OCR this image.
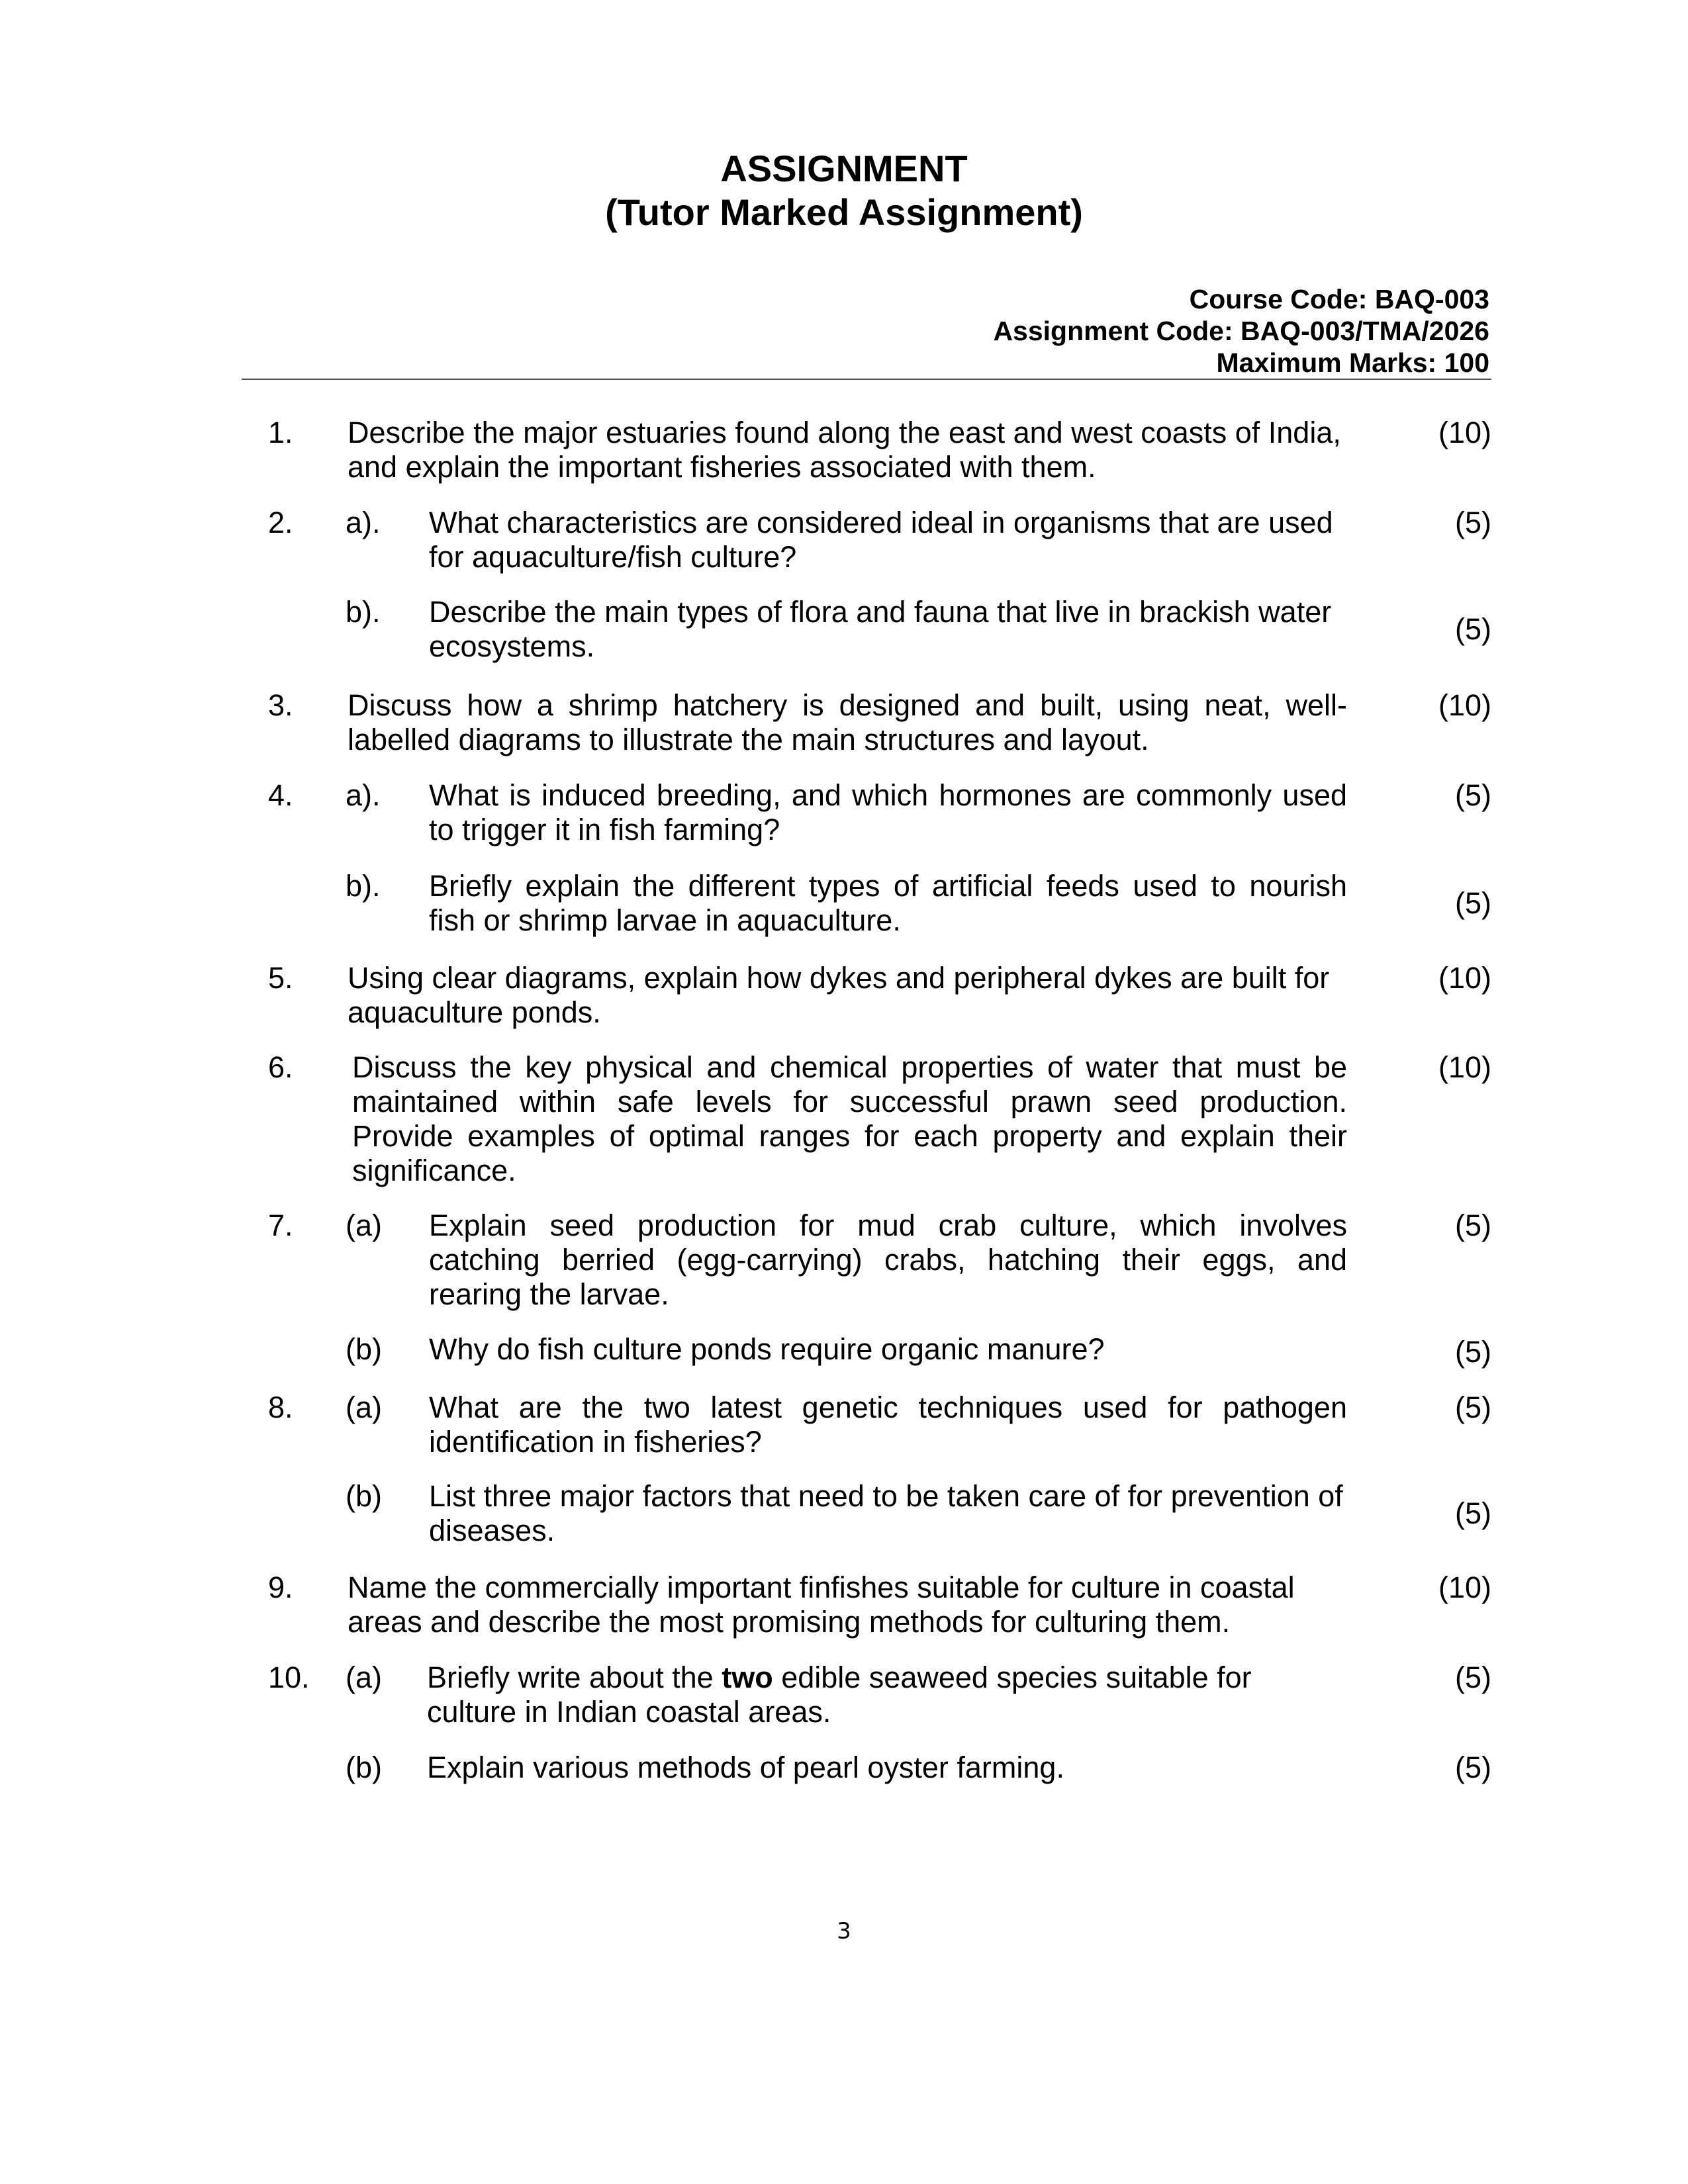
ASSIGNMENT
(Tutor Marked Assignment)
Course Code: BAQ-003
Assignment Code: BAQ-003/TMA/2026
Maximum Marks: 100
1. Describe the major estuaries found along the east and west coasts of India, and explain the important fisheries associated with them.
(10)
2. a). What characteristics are considered ideal in organisms that are used for aquaculture/fish culture?
(5)
b). Describe the main types of flora and fauna that live in brackish water ecosystems.
(5)
3. Discuss how a shrimp hatchery is designed and built, using neat, well-labelled diagrams to illustrate the main structures and layout.
(10)
4. a). What is induced breeding, and which hormones are commonly used to trigger it in fish farming?
(5)
b). Briefly explain the different types of artificial feeds used to nourish fish or shrimp larvae in aquaculture.
(5)
5. Using clear diagrams, explain how dykes and peripheral dykes are built for aquaculture ponds.
(10)
6. Discuss the key physical and chemical properties of water that must be maintained within safe levels for successful prawn seed production. Provide examples of optimal ranges for each property and explain their significance.
(10)
7. (a) Explain seed production for mud crab culture, which involves catching berried (egg-carrying) crabs, hatching their eggs, and rearing the larvae.
(5)
(b) Why do fish culture ponds require organic manure?	(5)
8. (a) What are the two latest genetic techniques used for pathogen identification in fisheries?
(5)
(b) List three major factors that need to be taken care of for prevention of diseases.
(5)
9. Name the commercially important finfishes suitable for culture in coastal areas and describe the most promising methods for culturing them.
(10)
10. (a) Briefly write about the two edible seaweed species suitable for culture in Indian coastal areas.
(5)
(b) Explain various methods of pearl oyster farming.	(5)
3
